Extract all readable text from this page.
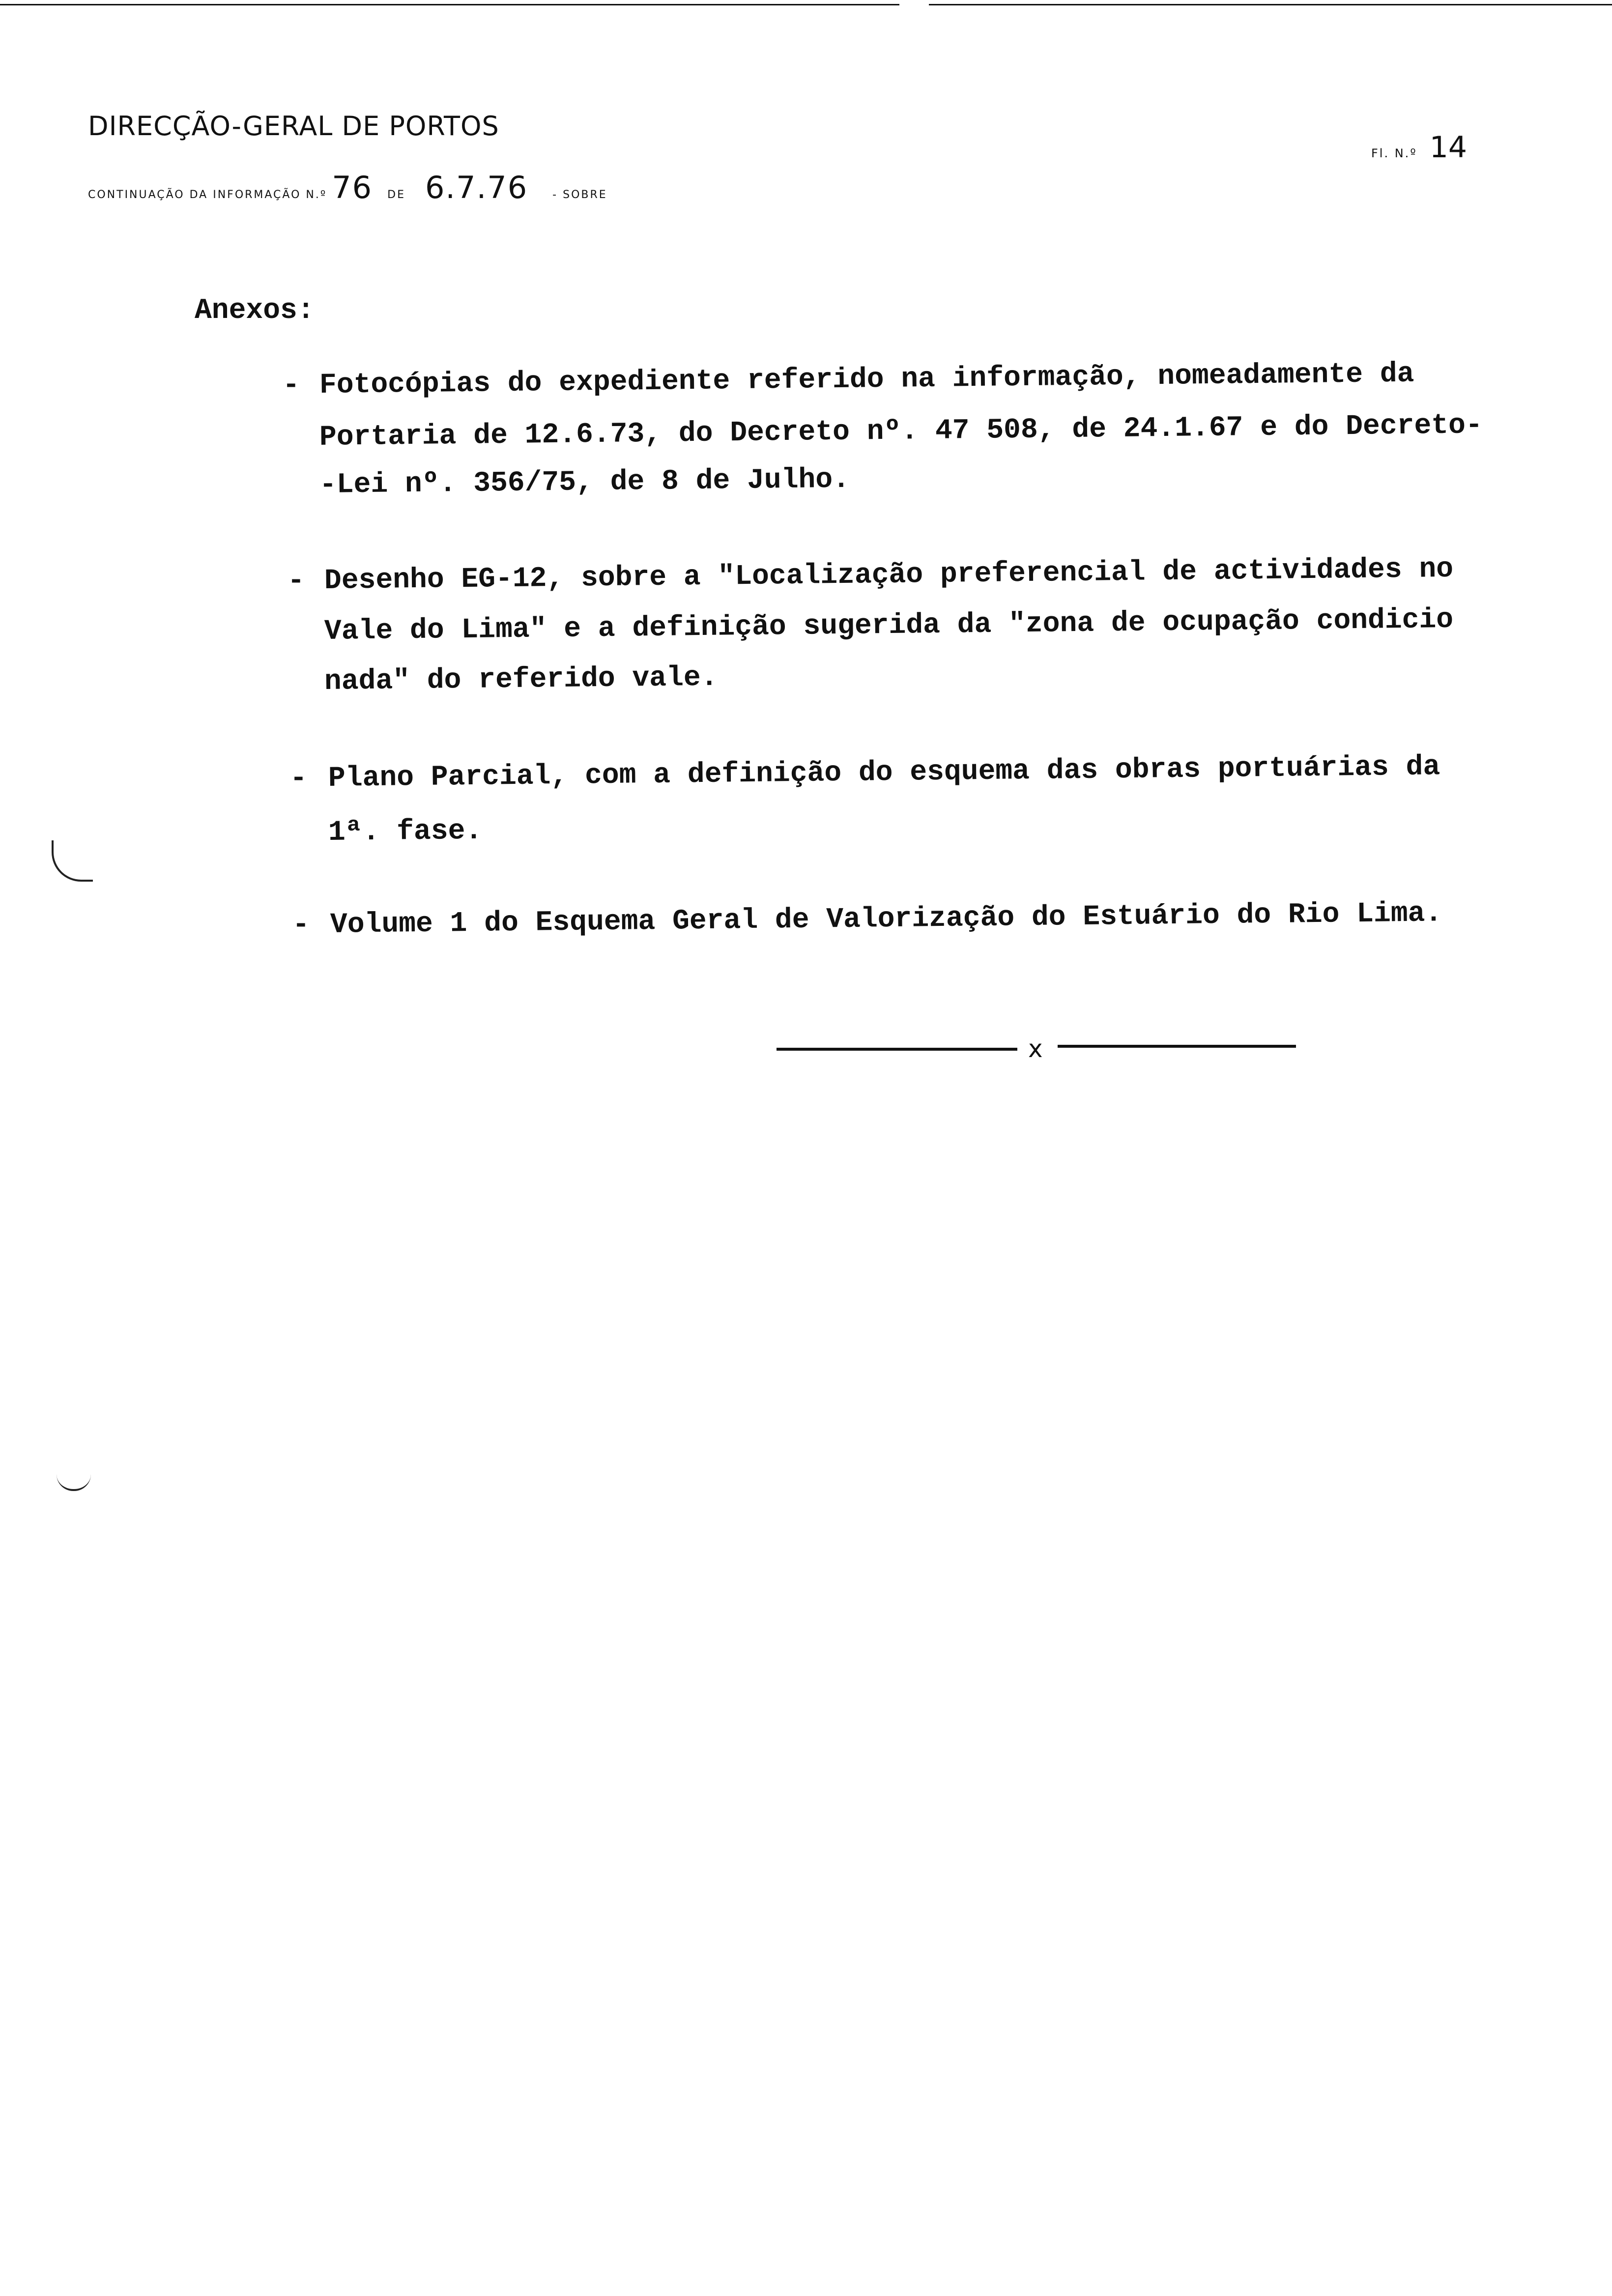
DIRECÇÃO-GERAL DE PORTOS
CONTINUAÇÃO DA INFORMAÇÃO N.º 76 DE 6.7.76 - SOBRE
Fl. N.º 14
Anexos:
- Fotocópias do expediente referido na informação, nomeadamente da
Portaria de 12.6.73, do Decreto nº. 47 508, de 24.1.67 e do Decreto-
-Lei nº. 356/75, de 8 de Julho.
- Desenho EG-12, sobre a "Localização preferencial de actividades no
Vale do Lima" e a definição sugerida da "zona de ocupação condicio
nada" do referido vale.
- Plano Parcial, com a definição do esquema das obras portuárias da
1ª. fase.
- Volume 1 do Esquema Geral de Valorização do Estuário do Rio Lima.
x
